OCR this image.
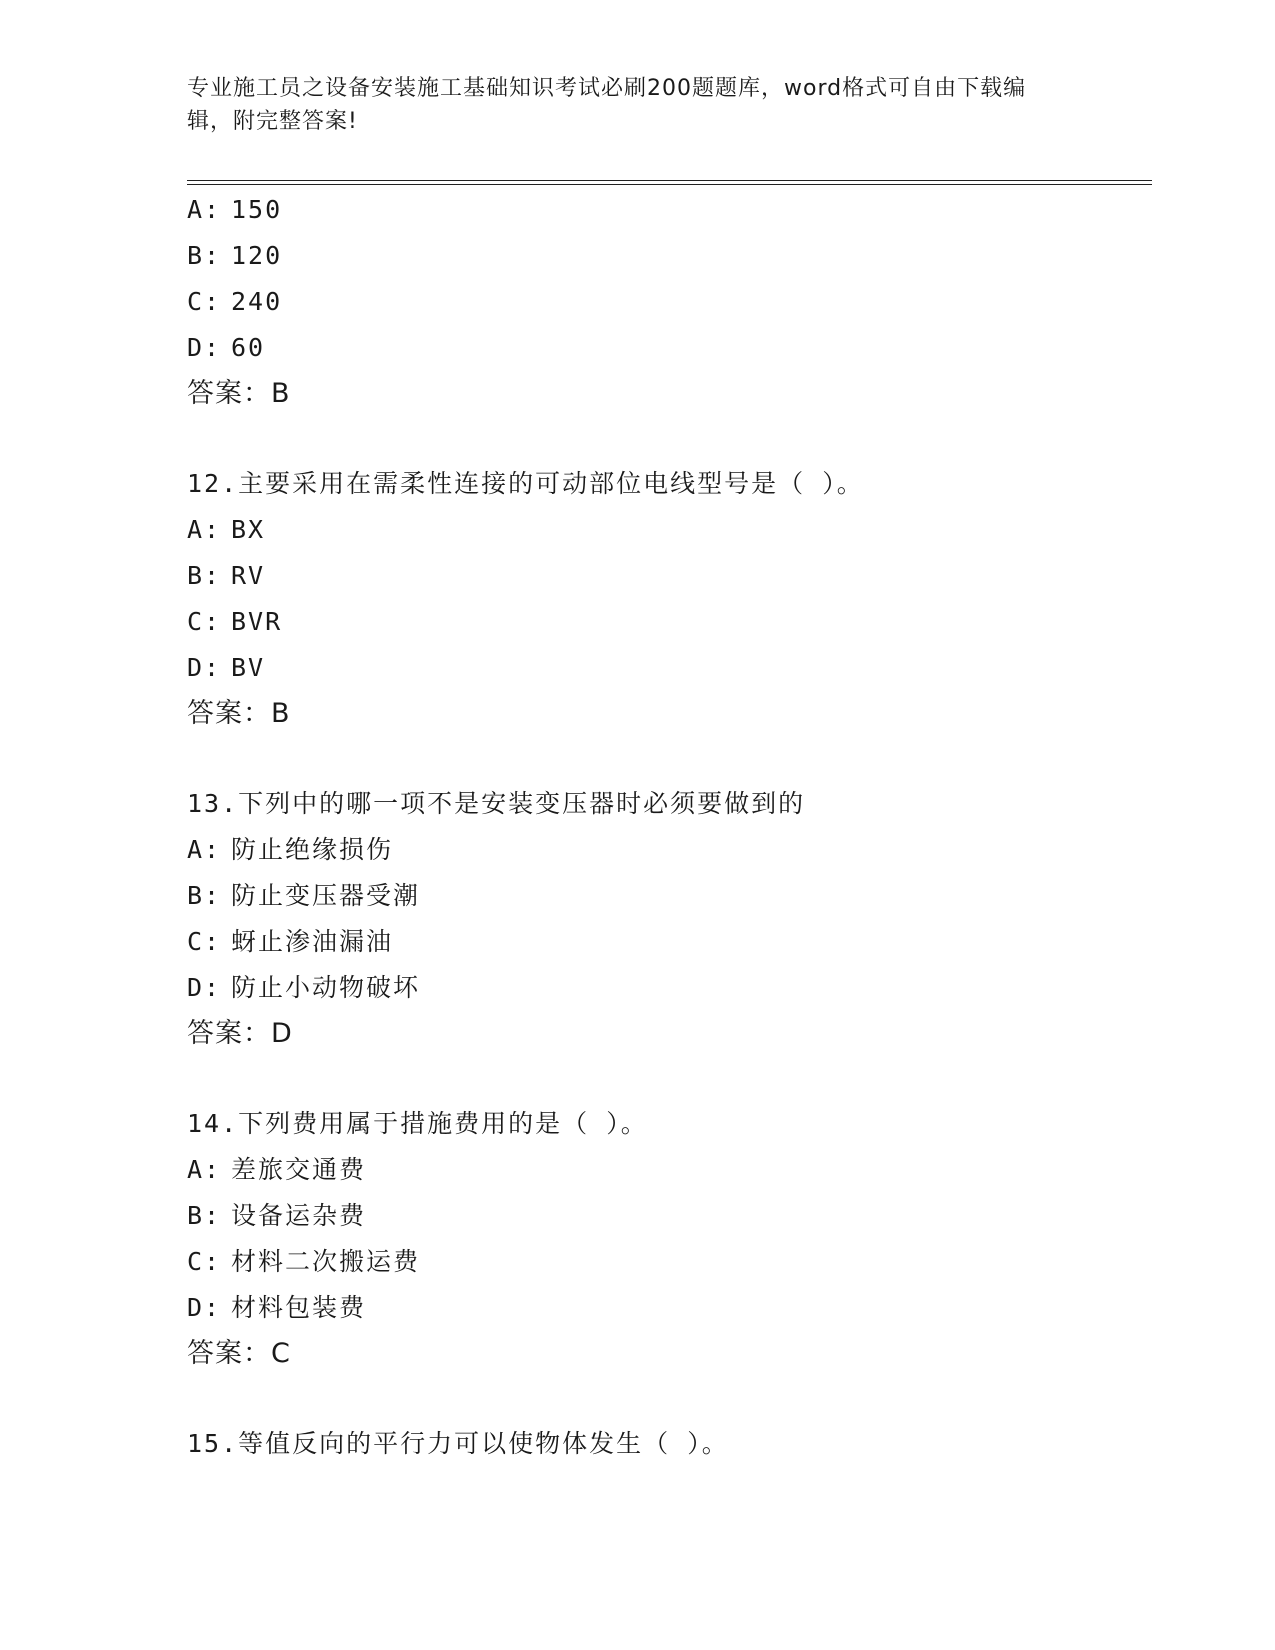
专业施工员之设备安装施工基础知识考试必刷200题题库，word格式可自由下载编辑，附完整答案!
A: 150
B: 120
C: 240
D: 60
答案：B
12.主要采用在需柔性连接的可动部位电线型号是（ ）。
A: BX
B: RV
C: BVR
D: BV
答案：B
13.下列中的哪一项不是安装变压器时必须要做到的
A: 防止绝缘损伤
B: 防止变压器受潮
C: 蚜止渗油漏油
D: 防止小动物破坏
答案：D
14.下列费用属于措施费用的是（ ）。
A: 差旅交通费
B: 设备运杂费
C: 材料二次搬运费
D: 材料包装费
答案：C
15.等值反向的平行力可以使物体发生（ ）。
